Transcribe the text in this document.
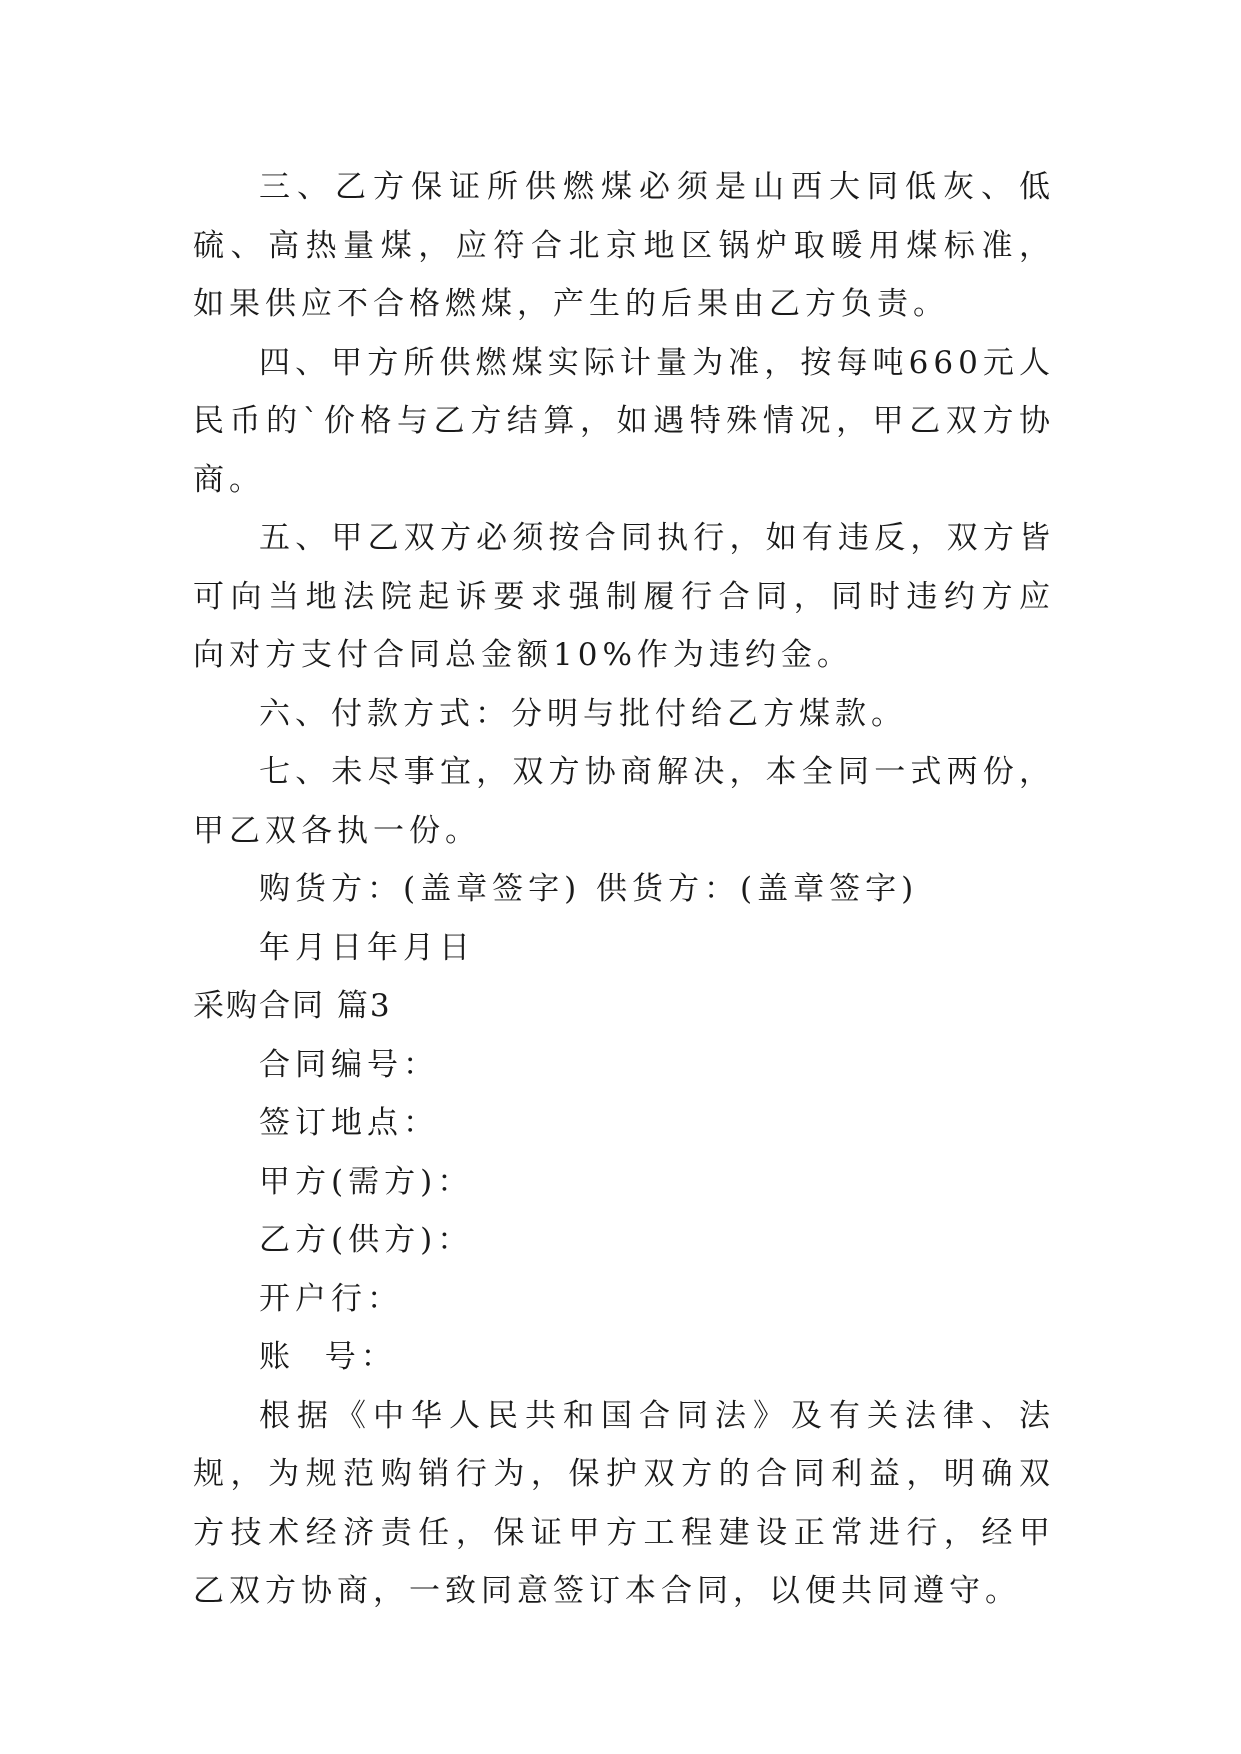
三、乙方保证所供燃煤必须是山西大同低灰、低硫、高热量煤，应符合北京地区锅炉取暖用煤标准，如果供应不合格燃煤，产生的后果由乙方负责。

四、甲方所供燃煤实际计量为准，按每吨660元人民币的`价格与乙方结算，如遇特殊情况，甲乙双方协商。

五、甲乙双方必须按合同执行，如有违反，双方皆可向当地法院起诉要求强制履行合同，同时违约方应向对方支付合同总金额10%作为违约金。

六、付款方式：分明与批付给乙方煤款。

七、未尽事宜，双方协商解决，本全同一式两份，甲乙双各执一份。

购货方：(盖章签字) 供货方：(盖章签字)

年月日年月日

采购合同 篇3

合同编号：

签订地点：

甲方(需方)：

乙方(供方)：

开户行：

账  号：

根据《中华人民共和国合同法》及有关法律、法规，为规范购销行为，保护双方的合同利益，明确双方技术经济责任，保证甲方工程建设正常进行，经甲乙双方协商，一致同意签订本合同，以便共同遵守。
